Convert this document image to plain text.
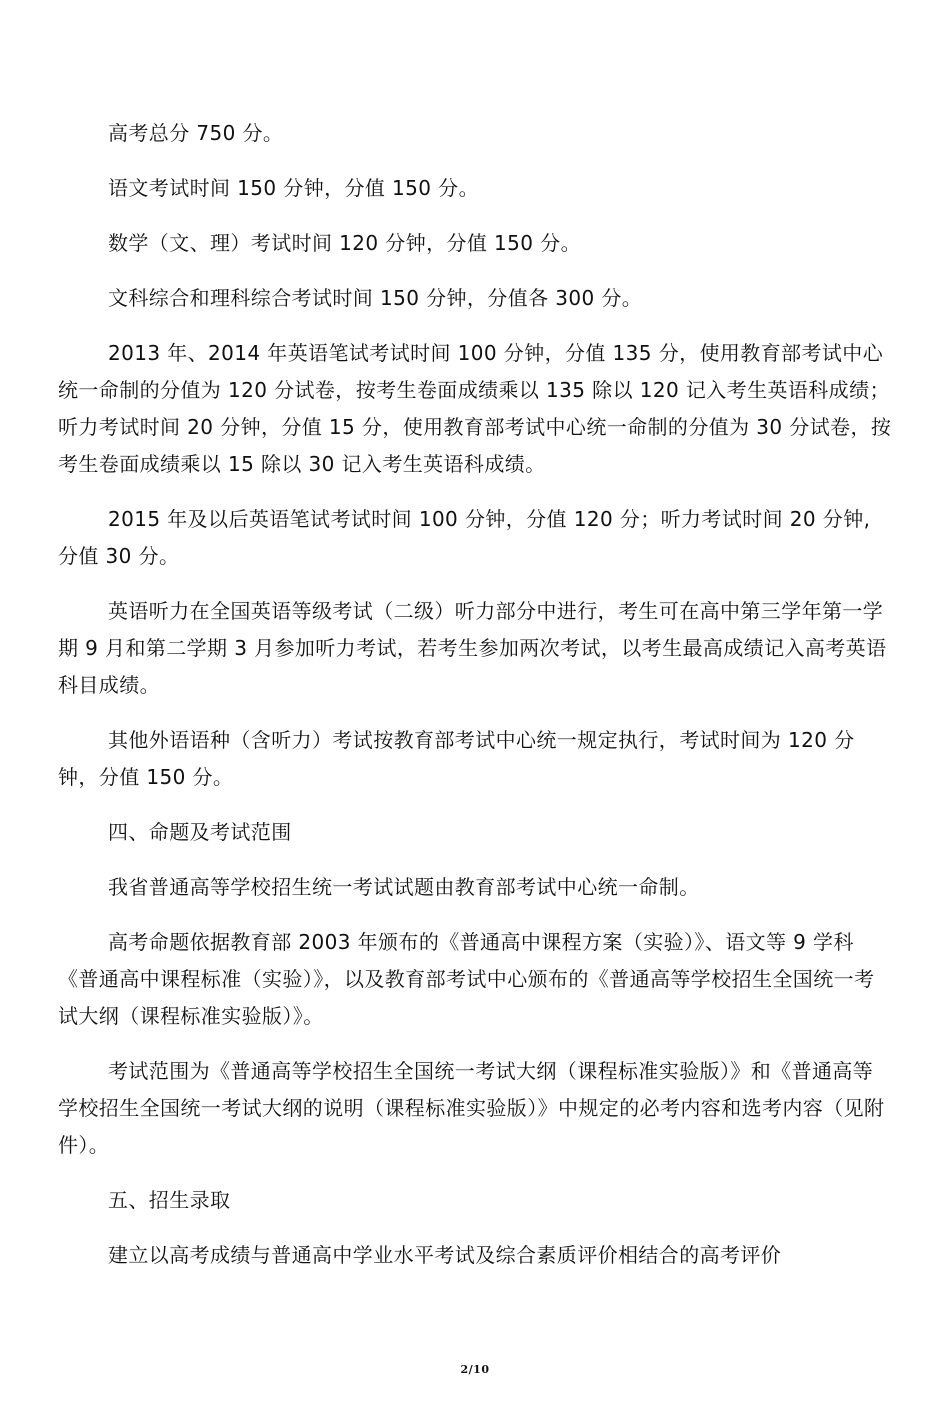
高考总分 750 分。

语文考试时间 150 分钟，分值 150 分。

数学（文、理）考试时间 120 分钟，分值 150 分。

文科综合和理科综合考试时间 150 分钟，分值各 300 分。

2013 年、2014 年英语笔试考试时间 100 分钟，分值 135 分，使用教育部考试中心统一命制的分值为 120 分试卷，按考生卷面成绩乘以 135 除以 120 记入考生英语科成绩；听力考试时间 20 分钟，分值 15 分，使用教育部考试中心统一命制的分值为 30 分试卷，按考生卷面成绩乘以 15 除以 30 记入考生英语科成绩。

2015 年及以后英语笔试考试时间 100 分钟，分值 120 分；听力考试时间 20 分钟, 分值 30 分。

英语听力在全国英语等级考试（二级）听力部分中进行，考生可在高中第三学年第一学期 9 月和第二学期 3 月参加听力考试，若考生参加两次考试，以考生最高成绩记入高考英语科目成绩。

其他外语语种（含听力）考试按教育部考试中心统一规定执行，考试时间为 120 分钟，分值 150 分。

四、命题及考试范围

我省普通高等学校招生统一考试试题由教育部考试中心统一命制。

高考命题依据教育部 2003 年颁布的《普通高中课程方案（实验）》、语文等 9 学科《普通高中课程标准（实验）》，以及教育部考试中心颁布的《普通高等学校招生全国统一考试大纲（课程标准实验版）》。

考试范围为《普通高等学校招生全国统一考试大纲（课程标准实验版）》和《普通高等学校招生全国统一考试大纲的说明（课程标准实验版）》中规定的必考内容和选考内容（见附件）。

五、招生录取

建立以高考成绩与普通高中学业水平考试及综合素质评价相结合的高考评价

2/10
